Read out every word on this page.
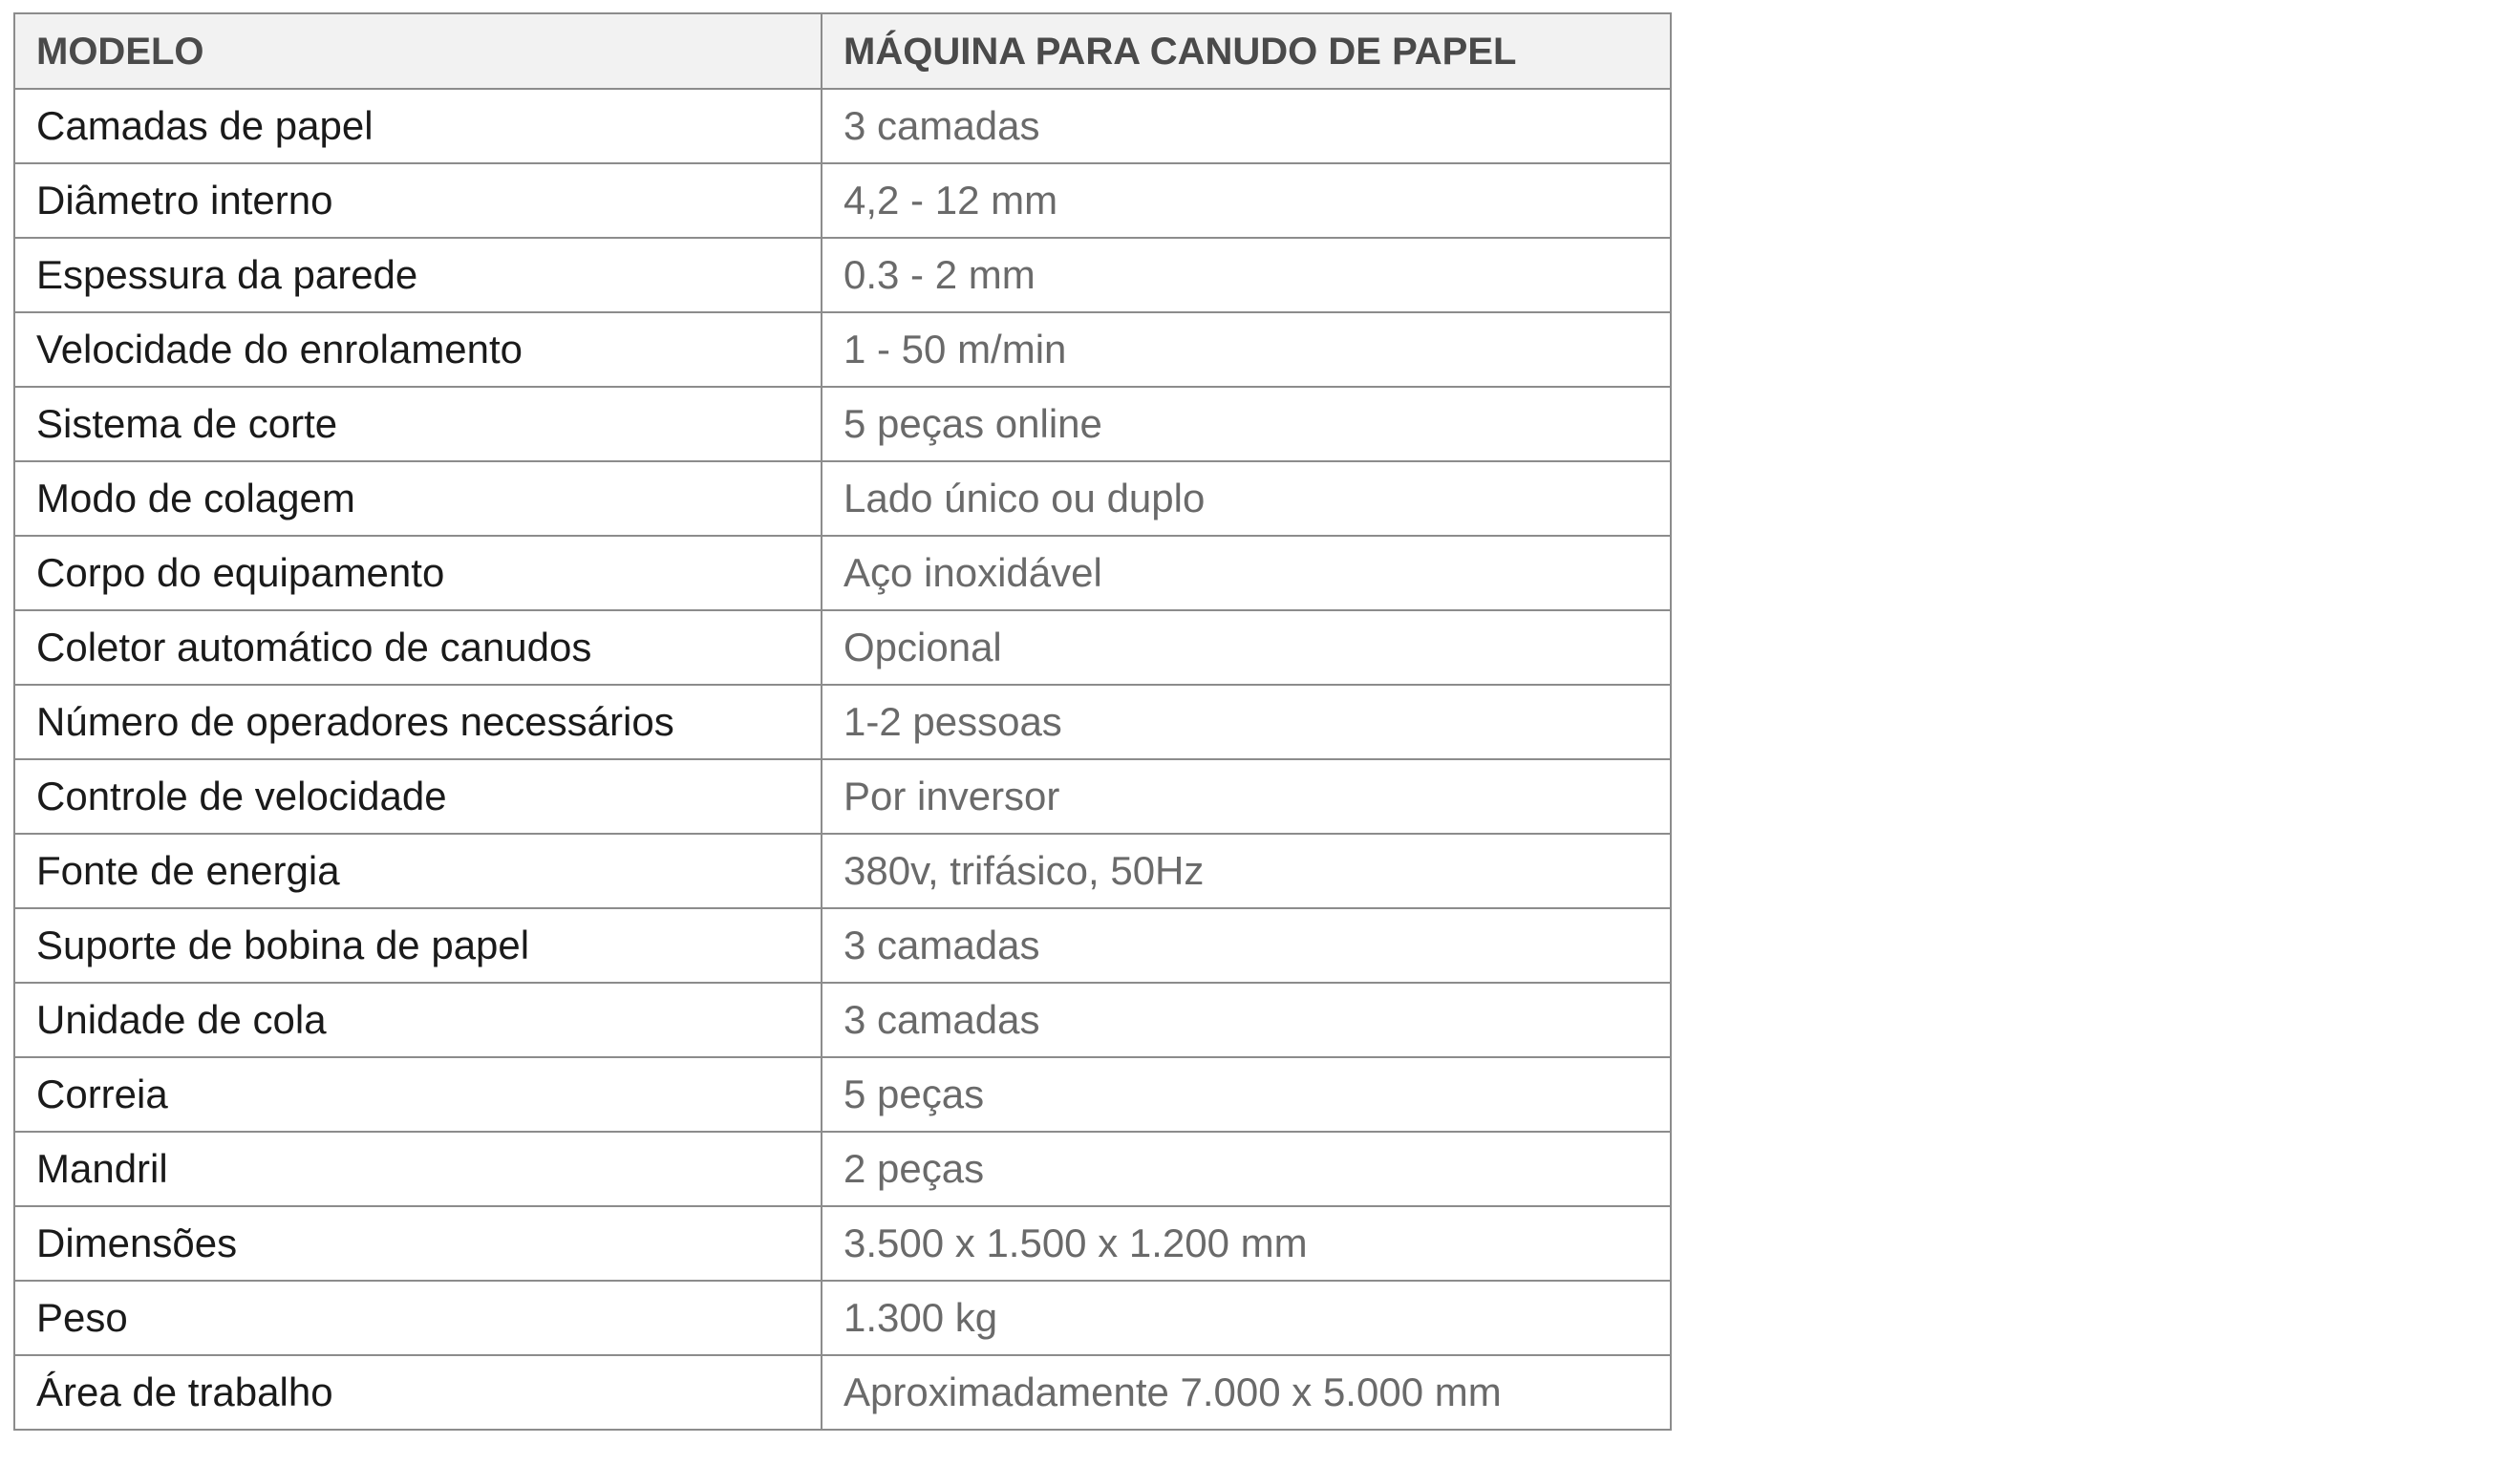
MODELO	MÁQUINA PARA CANUDO DE PAPEL
Camadas de papel	3 camadas
Diâmetro interno	4,2 - 12 mm
Espessura da parede	0.3 - 2 mm
Velocidade do enrolamento	1 - 50 m/min
Sistema de corte	5 peças online
Modo de colagem	Lado único ou duplo
Corpo do equipamento	Aço inoxidável
Coletor automático de canudos	Opcional
Número de operadores necessários	1-2 pessoas
Controle de velocidade	Por inversor
Fonte de energia	380v, trifásico, 50Hz
Suporte de bobina de papel	3 camadas
Unidade de cola	3 camadas
Correia	5 peças
Mandril	2 peças
Dimensões	3.500 x 1.500 x 1.200 mm
Peso	1.300 kg
Área de trabalho	Aproximadamente 7.000 x 5.000 mm
